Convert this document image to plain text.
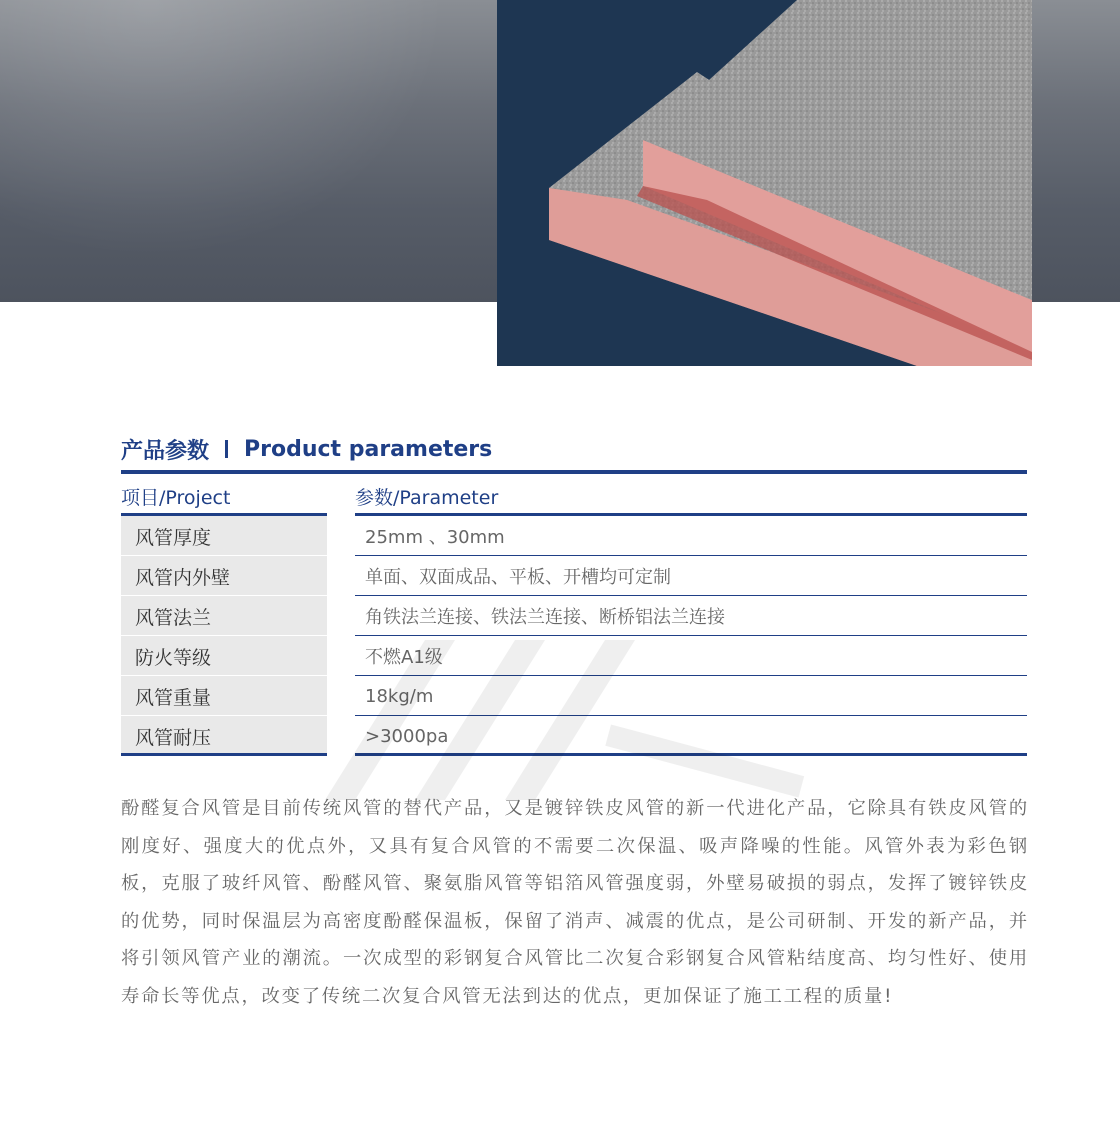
产品参数 Product parameters
项目/Project	参数/Parameter
风管厚度	25mm 、30mm
风管内外壁	单面、双面成品、平板、开槽均可定制
风管法兰	角铁法兰连接、铁法兰连接、断桥铝法兰连接
防火等级	不燃A1级
风管重量	18kg/m
风管耐压	>3000pa

酚醛复合风管是目前传统风管的替代产品，又是镀锌铁皮风管的新一代进化产品，它除具有铁皮风管的刚度好、强度大的优点外，又具有复合风管的不需要二次保温、吸声降噪的性能。风管外表为彩色钢板，克服了玻纤风管、酚醛风管、聚氨脂风管等铝箔风管强度弱，外壁易破损的弱点，发挥了镀锌铁皮的优势，同时保温层为高密度酚醛保温板，保留了消声、减震的优点，是公司研制、开发的新产品，并将引领风管产业的潮流。一次成型的彩钢复合风管比二次复合彩钢复合风管粘结度高、均匀性好、使用寿命长等优点，改变了传统二次复合风管无法到达的优点，更加保证了施工工程的质量!
